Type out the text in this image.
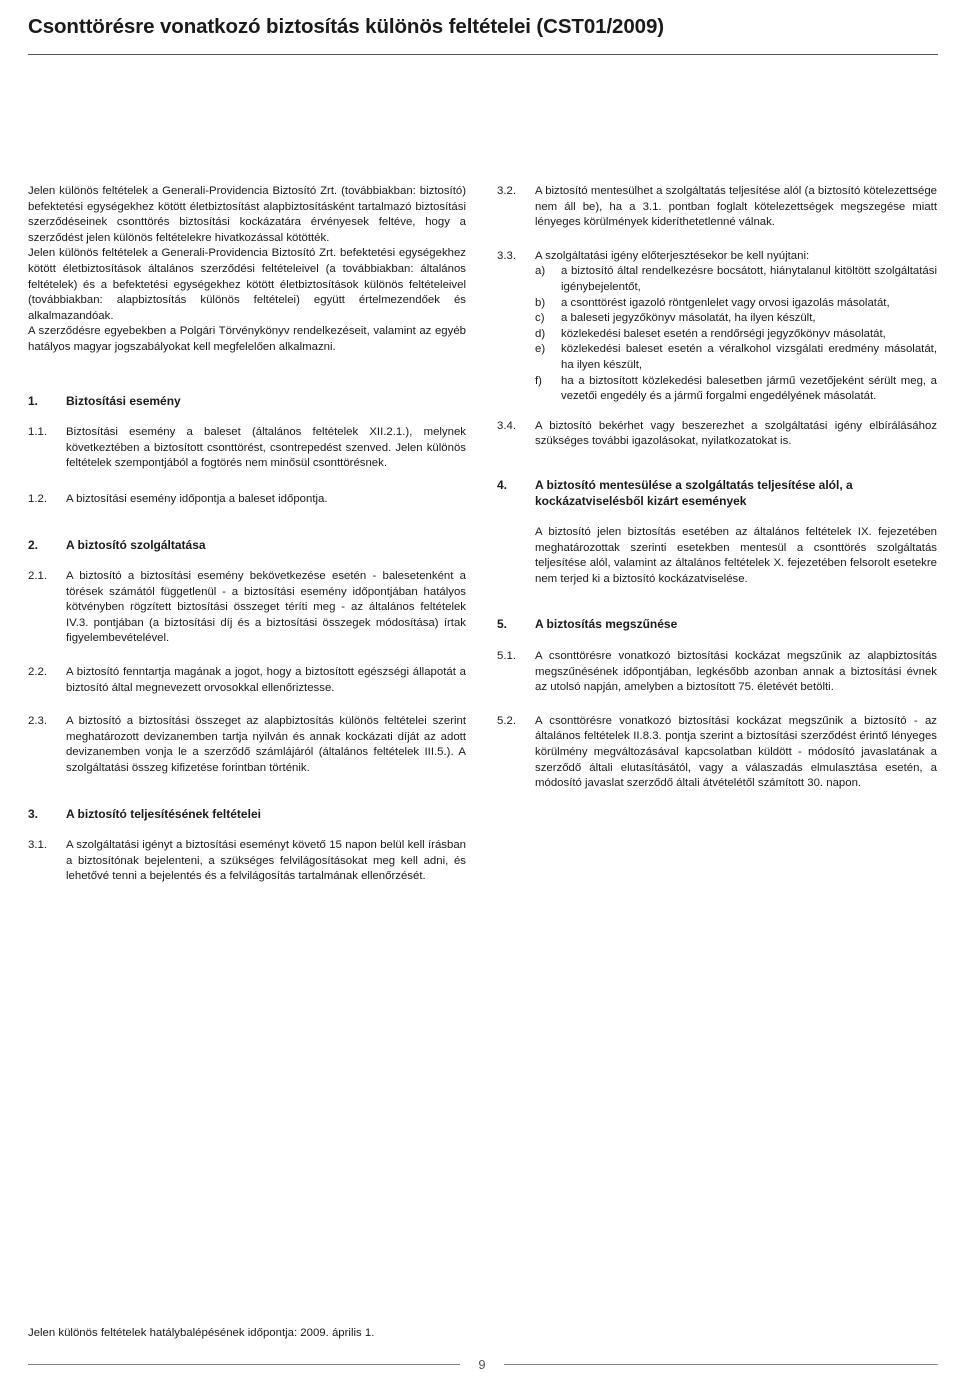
Csonttörésre vonatkozó biztosítás különös feltételei (CST01/2009)

Jelen különös feltételek a Generali-Providencia Biztosító Zrt. (továbbiakban: biztosító) befektetési egységekhez kötött életbiztosítást alapbiztosításként tartalmazó biztosítási szerződéseinek csonttörés biztosítási kockázatára érvényesek feltéve, hogy a szerződést jelen különös feltételekre hivatkozással kötötték.

Jelen különös feltételek a Generali-Providencia Biztosító Zrt. befektetési egységekhez kötött életbiztosítások általános szerződési feltételeivel (a továbbiakban: általános feltételek) és a befektetési egységekhez kötött életbiztosítások különös feltételeivel (továbbiakban: alapbiztosítás különös feltételei) együtt értelmezendőek és alkalmazandóak.

A szerződésre egyebekben a Polgári Törvénykönyv rendelkezéseit, valamint az egyéb hatályos magyar jogszabályokat kell megfelelően alkalmazni.

1.	Biztosítási esemény
1.1.	Biztosítási esemény a baleset (általános feltételek XII.2.1.), melynek következtében a biztosított csonttörést, csontrepedést szenved. Jelen különös feltételek szempontjából a fogtörés nem minősül csonttörésnek.
1.2.	A biztosítási esemény időpontja a baleset időpontja.
2.	A biztosító szolgáltatása
2.1.	A biztosító a biztosítási esemény bekövetkezése esetén - balesetenként a törések számától függetlenül - a biztosítási esemény időpontjában hatályos kötvényben rögzített biztosítási összeget téríti meg - az általános feltételek IV.3. pontjában (a biztosítási díj és a biztosítási összegek módosítása) írtak figyelembevételével.
2.2.	A biztosító fenntartja magának a jogot, hogy a biztosított egészségi állapotát a biztosító által megnevezett orvosokkal ellenőriztesse.
2.3.	A biztosító a biztosítási összeget az alapbiztosítás különös feltételei szerint meghatározott devizanemben tartja nyilván és annak kockázati díját az adott devizanemben vonja le a szerződő számlájáról (általános feltételek III.5.). A szolgáltatási összeg kifizetése forintban történik.
3.	A biztosító teljesítésének feltételei
3.1.	A szolgáltatási igényt a biztosítási eseményt követő 15 napon belül kell írásban a biztosítónak bejelenteni, a szükséges felvilágosításokat meg kell adni, és lehetővé tenni a bejelentés és a felvilágosítás tartalmának ellenőrzését.
3.2.	A biztosító mentesülhet a szolgáltatás teljesítése alól (a biztosító kötelezettsége nem áll be), ha a 3.1. pontban foglalt kötelezettségek megszegése miatt lényeges körülmények kideríthetetlenné válnak.
3.3.	A szolgáltatási igény előterjesztésekor be kell nyújtani:
a)	a biztosító által rendelkezésre bocsátott, hiánytalanul kitöltött szolgáltatási igénybejelentőt,
b)	a csonttörést igazoló röntgenlelet vagy orvosi igazolás másolatát,
c)	a baleseti jegyzőkönyv másolatát, ha ilyen készült,
d)	közlekedési baleset esetén a rendőrségi jegyzőkönyv másolatát,
e)	közlekedési baleset esetén a véralkohol vizsgálati eredmény másolatát, ha ilyen készült,
f)	ha a biztosított közlekedési balesetben jármű vezetőjeként sérült meg, a vezetői engedély és a jármű forgalmi engedélyének másolatát.
3.4.	A biztosító bekérhet vagy beszerezhet a szolgáltatási igény elbírálásához szükséges további igazolásokat, nyilatkozatokat is.
4.	A biztosító mentesülése a szolgáltatás teljesítése alól, a kockázatviselésből kizárt események
A biztosító jelen biztosítás esetében az általános feltételek IX. fejezetében meghatározottak szerinti esetekben mentesül a csonttörés szolgáltatás teljesítése alól, valamint az általános feltételek X. fejezetében felsorolt esetekre nem terjed ki a biztosító kockázatviselése.
5.	A biztosítás megszűnése
5.1.	A csonttörésre vonatkozó biztosítási kockázat megszűnik az alapbiztosítás megszűnésének időpontjában, legkésőbb azonban annak a biztosítási évnek az utolsó napján, amelyben a biztosított 75. életévét betölti.
5.2.	A csonttörésre vonatkozó biztosítási kockázat megszűnik a biztosító - az általános feltételek II.8.3. pontja szerint a biztosítási szerződést érintő lényeges körülmény megváltozásával kapcsolatban küldött - módosító javaslatának a szerződő általi elutasításától, vagy a válaszadás elmulasztása esetén, a módosító javaslat szerződő általi átvételétől számított 30. napon.
Jelen különös feltételek hatálybalépésének időpontja: 2009. április 1.
9
